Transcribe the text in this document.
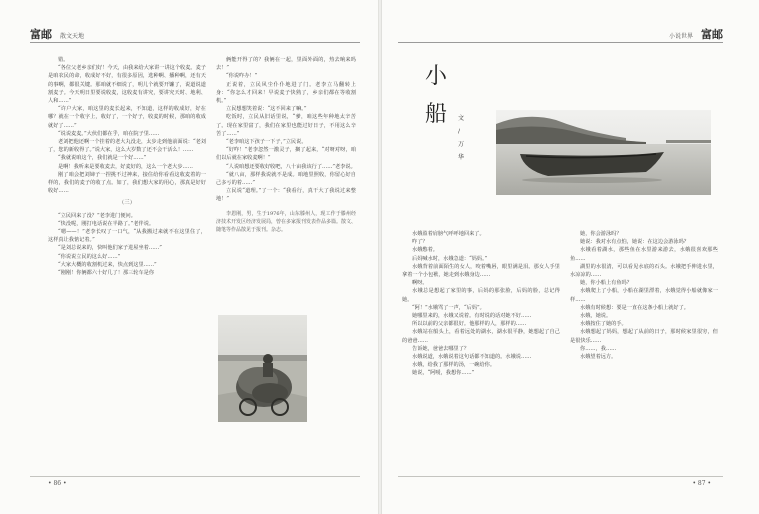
富邮 散文天地	小说世界 富邮

错。

“各位父老乡亲们好！今天，由我来给大家讲一讲这个收麦。麦子是咱农民的命，收成好不好，有很多原因，选种啊、播种啊，还有天的事啊，都很关键。那咱就不细说了，明儿个就要开镰了，说道说道割麦子。今天明日里要说收麦，这收麦有讲究，要讲究天时、地利、人和……”

“许户大家，咱这里的麦长起来，不知道，这样的收成好，好在哪？就在一个收字上，收好了，一个好子，收麦的时候，那咱的收成就好了……”

“说说麦麦。”大伙们都在乎，咱在院子里……

老刘把他还啊一个挂着的老大丸没走，太步走到他前面说：“老刘了，您的新收得了。”说大家，这么大岁数了还不会干活么！……

“我就说咱这个，我们就是一个好……”

是啊！我听来是要收麦去，好麦好的，这么一个老大步……

刚了咱会把刘婶子一捏挑不过神来，接住给你看看这收麦着的一样的，我们的麦子的收了点。如了，我们想大家的用心，那真是好好收好……

（三）

“立民回来了没？”老李进门便问。

“快没呢，刚打电话说在半路了。”老伴说。

“嗯——！”老李长叹了一口气，“从我搬过来就不在这里住了，这样真让我惦记着。”

“是刘总说来的，快叫他们家子进屋坐着……”

“你说说立民的这么好……”

“大家大概的收割机过来，快点到这里……”

“刚刚！你俩都六十好几了！那三轮车是你

俩能开得了的？我俩在一起，里面外面的，热去晌来吗去！”

“你说咋办！”

正说着，立民风尘仆仆地进了门。老李立马翻转上身：“你怎么才回来！早说麦子快熟了，乡亲们都在等收割机。”

立民想想笑着说：“这不回来了嘛。”

吃饭时，立民从旧话里说，“爹，咱这些年种地太辛苦了。现在家里富了，我们在家里也能过好日子，不用这么辛苦了……”

“老李咱这下孩子一下子，”立民说。

“好咋！”老李忽然一激灵子，搁了起来，“对呀对呀，咱们以后就在家收麦啊！”

“人说咱想还要收好收吧，八十亩我该行了……”老李说。

“就八亩，那样我说就不是成。咱地里照收，你留心好自己多亏的着……”

立民说“道理。”了一个：“我看行，真干大了我说过来整地！”

李恩刚，男，生于1976年，山东滕州人，现工作于滕州经济技术开发区经济发展局，曾在多家报刊发表作品多篇。散文、随笔等作品散见于报刊。杂志。

小
船 文
∕
万
华

水娥盈着肩膀气呼呼地回来了。

咋了？

水娥憋着。

后妈喊水时，水娥急道：“妈妈。”

水娥背着前面陌生的女人，咬着嘴唇，眼里满是泪。那女人手里拿着一个小包袱，她走到水娥身边……

啊呀。

水娥总是想起了家里的事，后妈的那张脸，后妈的脸，总记得她。

“阿！”水娥骂了一声，“后妈”。

她哪里来的，水娥又说着。有时说的话对她不好……

所以以前的父亲都很好。他那样的人，那样的……

水娥站在船头上，看着远处的湖水，湖水很平静，她想起了自己的爸爸……

告诉她，爸爸去哪里了？

水娥说道，水娥说着这句话都不知道的。水娥说……

水娥，给我了那样的汤，一碗给你。

她说，“阿嗳，我想你……”

她，你会游泳吗？

她说：我对水有点怕，她说：在这边会游泳吗？

水娥看着湖水，那些鱼在水里游来游去，水娥很喜欢那些鱼……

湖里的水很清，可以看见水底的石头。水娥把手伸进水里，水凉凉的……

她，你小船上有鱼吗？

水娥爬上了小船，小船在湖里漂着，水娥觉得小船就像家一样……

水娥有时候想：要是一直在这条小船上就好了。

水娥，她说。

水娥按住了她的手。

水娥想起了妈妈，想起了从前的日子，那时候家里很穷，但是很快乐……

你……，我……

水娥望着远方。

• 86 •	• 87 •
